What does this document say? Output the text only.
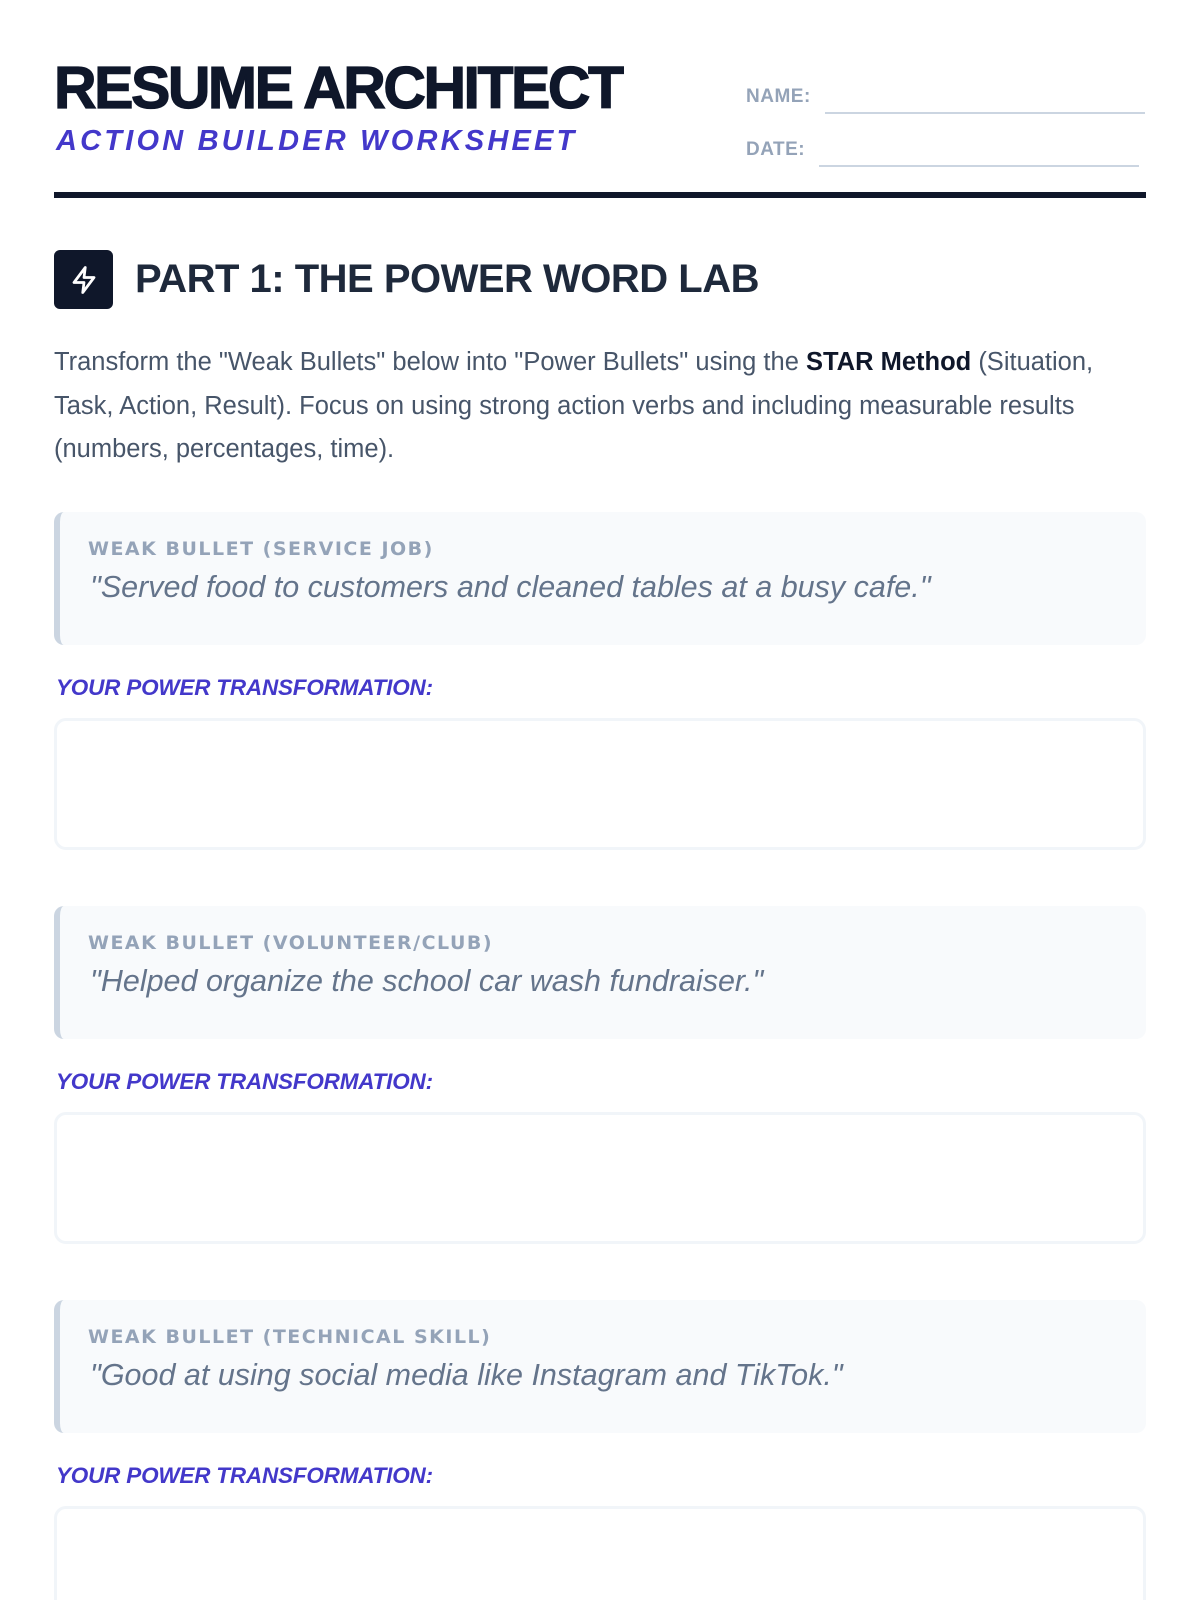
RESUME ARCHITECT
ACTION BUILDER WORKSHEET
NAME:
DATE:
PART 1: THE POWER WORD LAB

Transform the "Weak Bullets" below into "Power Bullets" using the STAR Method (Situation, Task, Action, Result). Focus on using strong action verbs and including measurable results (numbers, percentages, time).

WEAK BULLET (SERVICE JOB)
"Served food to customers and cleaned tables at a busy cafe."
YOUR POWER TRANSFORMATION:
WEAK BULLET (VOLUNTEER/CLUB)
"Helped organize the school car wash fundraiser."
YOUR POWER TRANSFORMATION:
WEAK BULLET (TECHNICAL SKILL)
"Good at using social media like Instagram and TikTok."
YOUR POWER TRANSFORMATION:
